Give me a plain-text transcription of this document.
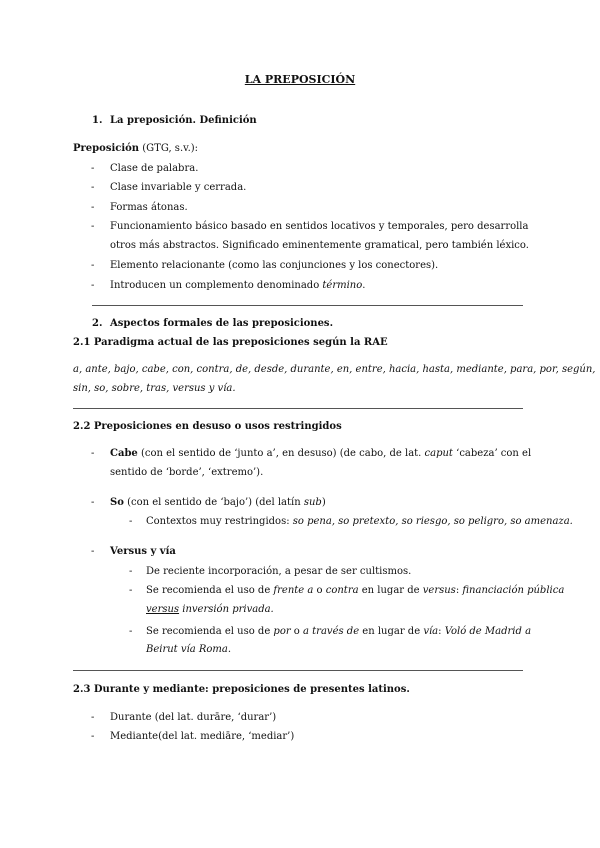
LA PREPOSICIÓN
1. La preposición. Definición
Preposición (GTG, s.v.):
- Clase de palabra.
- Clase invariable y cerrada.
- Formas átonas.
- Funcionamiento básico basado en sentidos locativos y temporales, pero desarrolla
otros más abstractos. Significado eminentemente gramatical, pero también léxico.
- Elemento relacionante (como las conjunciones y los conectores).
- Introducen un complemento denominado término.
2. Aspectos formales de las preposiciones.
2.1 Paradigma actual de las preposiciones según la RAE
a, ante, bajo, cabe, con, contra, de, desde, durante, en, entre, hacia, hasta, mediante, para, por, según,
sin, so, sobre, tras, versus y vía.
2.2 Preposiciones en desuso o usos restringidos
- Cabe (con el sentido de ‘junto a’, en desuso) (de cabo, de lat. caput ‘cabeza’ con el
sentido de ‘borde’, ‘extremo’).
- So (con el sentido de ‘bajo’) (del latín sub)
- Contextos muy restringidos: so pena, so pretexto, so riesgo, so peligro, so amenaza.
- Versus y vía
- De reciente incorporación, a pesar de ser cultismos.
- Se recomienda el uso de frente a o contra en lugar de versus: financiación pública
versus inversión privada.
- Se recomienda el uso de por o a través de en lugar de vía: Voló de Madrid a
Beirut vía Roma.
2.3 Durante y mediante: preposiciones de presentes latinos.
- Durante (del lat. durāre, ‘durar’)
- Mediante(del lat. mediāre, ‘mediar’)
